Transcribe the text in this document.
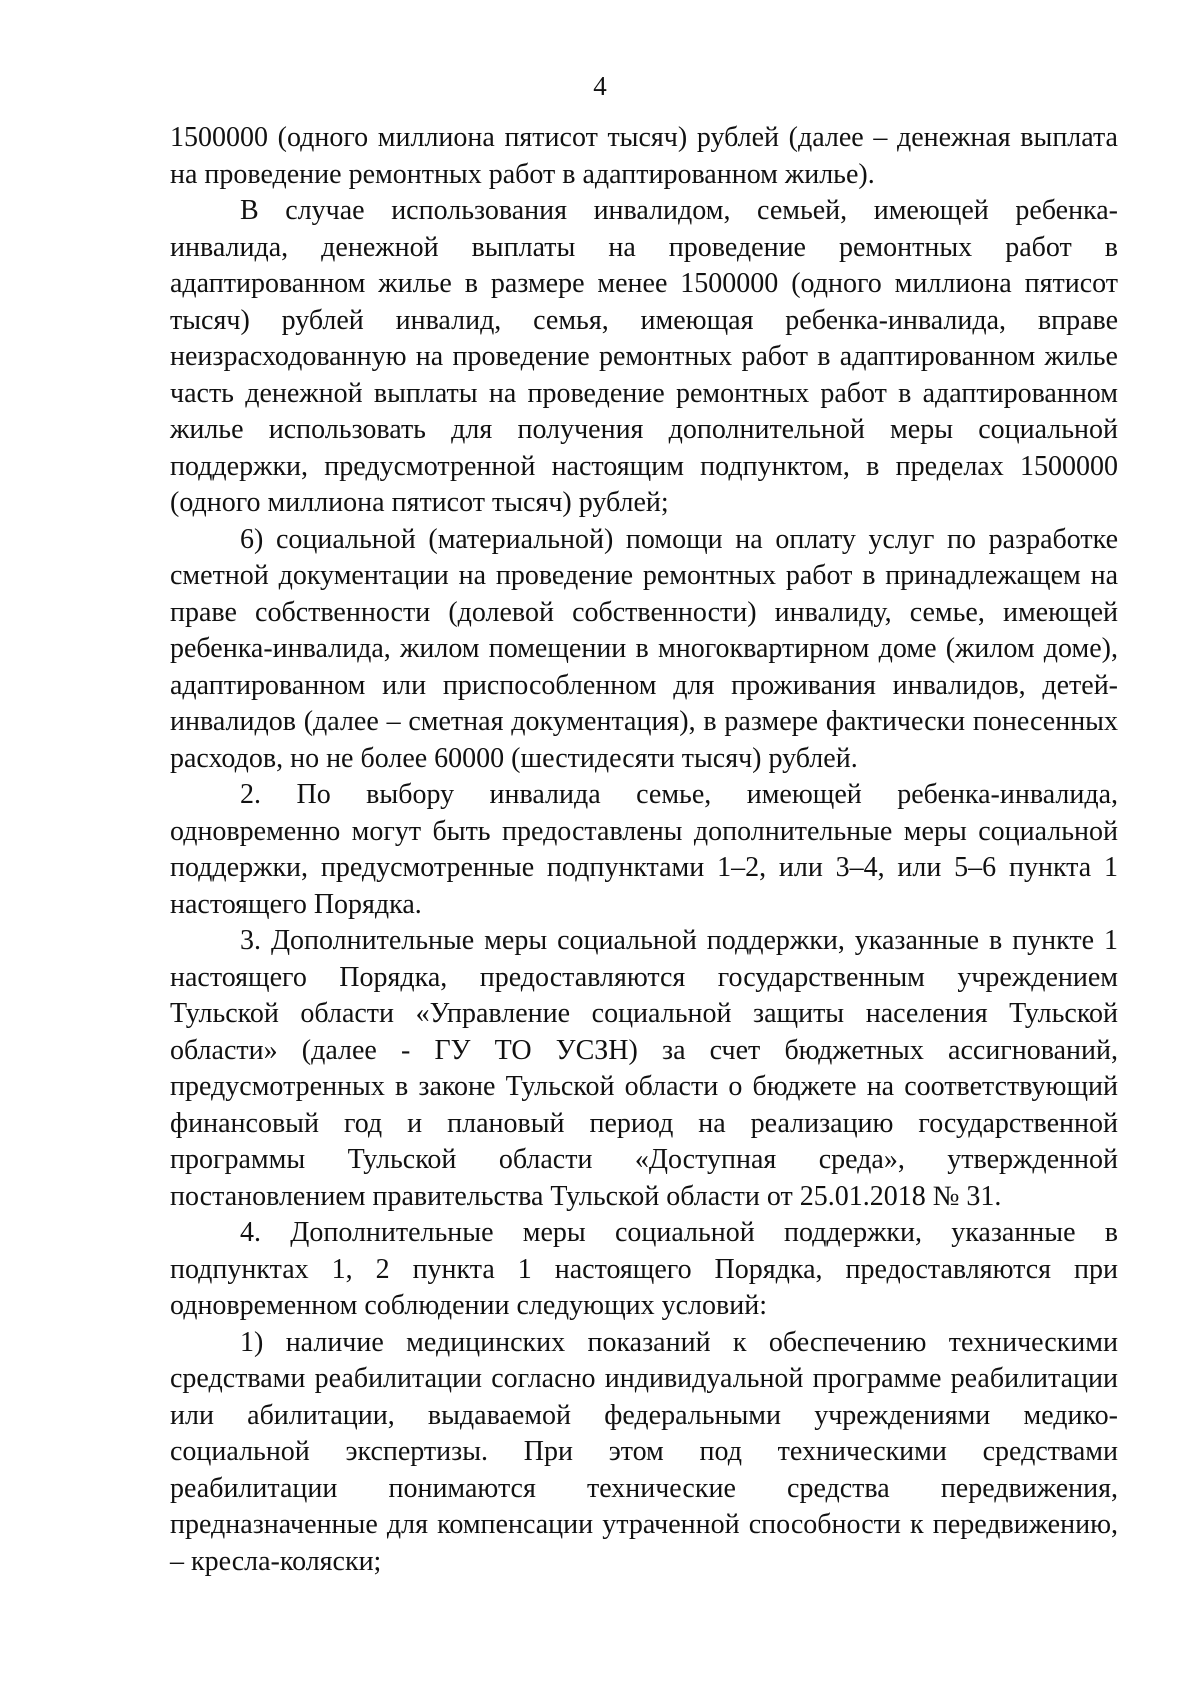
4

1500000 (одного миллиона пятисот тысяч) рублей (далее – денежная выплата на проведение ремонтных работ в адаптированном жилье).

В случае использования инвалидом, семьей, имеющей ребенка-инвалида, денежной выплаты на проведение ремонтных работ в адаптированном жилье в размере менее 1500000 (одного миллиона пятисот тысяч) рублей инвалид, семья, имеющая ребенка-инвалида, вправе неизрасходованную на проведение ремонтных работ в адаптированном жилье часть денежной выплаты на проведение ремонтных работ в адаптированном жилье использовать для получения дополнительной меры социальной поддержки, предусмотренной настоящим подпунктом, в пределах 1500000 (одного миллиона пятисот тысяч) рублей;

6) социальной (материальной) помощи на оплату услуг по разработке сметной документации на проведение ремонтных работ в принадлежащем на праве собственности (долевой собственности) инвалиду, семье, имеющей ребенка-инвалида, жилом помещении в многоквартирном доме (жилом доме), адаптированном или приспособленном для проживания инвалидов, детей-инвалидов (далее – сметная документация), в размере фактически понесенных расходов, но не более 60000 (шестидесяти тысяч) рублей.

2. По выбору инвалида семье, имеющей ребенка-инвалида, одновременно могут быть предоставлены дополнительные меры социальной поддержки, предусмотренные подпунктами 1–2, или 3–4, или 5–6 пункта 1 настоящего Порядка.

3. Дополнительные меры социальной поддержки, указанные в пункте 1 настоящего Порядка, предоставляются государственным учреждением Тульской области «Управление социальной защиты населения Тульской области» (далее - ГУ ТО УСЗН) за счет бюджетных ассигнований, предусмотренных в законе Тульской области о бюджете на соответствующий финансовый год и плановый период на реализацию государственной программы Тульской области «Доступная среда», утвержденной постановлением правительства Тульской области от 25.01.2018 № 31.

4. Дополнительные меры социальной поддержки, указанные в подпунктах 1, 2 пункта 1 настоящего Порядка, предоставляются при одновременном соблюдении следующих условий:

1) наличие медицинских показаний к обеспечению техническими средствами реабилитации согласно индивидуальной программе реабилитации или абилитации, выдаваемой федеральными учреждениями медико-социальной экспертизы. При этом под техническими средствами реабилитации понимаются технические средства передвижения, предназначенные для компенсации утраченной способности к передвижению, – кресла-коляски;
